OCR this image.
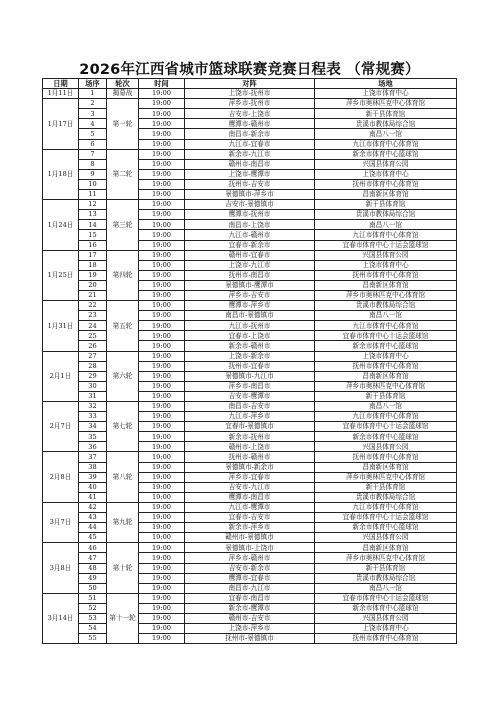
2026年江西省城市篮球联赛竞赛日程表 （常规赛）
日期	场序	轮次	时间	对阵	场地
1月11日	1	揭幕战	19:00	上饶市-抚州市	上饶市体育中心
1月17日	2	第一轮	19:00	萍乡市-抚州市	萍乡市奥林匹克中心体育馆
	3		19:00	吉安市-上饶市	新干县体育馆
	4		19:00	鹰潭市-赣州市	贵溪市教体局综合馆
	5		19:00	南昌市-新余市	南昌八一馆
	6		19:00	九江市-宜春市	九江市体育中心体育馆
1月18日	7	第二轮	19:00	新余市-九江市	新余市体育中心篮球馆
	8		19:00	赣州市-南昌市	兴国县体育公园
	9		19:00	上饶市-鹰潭市	上饶市体育中心
	10		19:00	抚州市-吉安市	抚州市体育中心体育馆
	11		19:00	景德镇市-萍乡市	昌南新区体育馆
1月24日	12	第三轮	19:00	吉安市-景德镇市	新干县体育馆
	13		19:00	鹰潭市-抚州市	贵溪市教体局综合馆
	14		19:00	南昌市-上饶市	南昌八一馆
	15		19:00	九江市-赣州市	九江市体育中心体育馆
	16		19:00	宜春市-新余市	宜春市体育中心十运会篮球馆
1月25日	17	第四轮	19:00	赣州市-宜春市	兴国县体育公园
	18		19:00	上饶市-九江市	上饶市体育中心
	19		19:00	抚州市-南昌市	抚州市体育中心体育馆
	20		19:00	景德镇市-鹰潭市	昌南新区体育馆
	21		19:00	萍乡市-吉安市	萍乡市奥林匹克中心体育馆
1月31日	22	第五轮	19:00	鹰潭市-萍乡市	贵溪市教体局综合馆
	23		19:00	南昌市-景德镇市	南昌八一馆
	24		19:00	九江市-抚州市	九江市体育中心体育馆
	25		19:00	宜春市-上饶市	宜春市体育中心十运会篮球馆
	26		19:00	新余市-赣州市	新余市体育中心篮球馆
2月1日	27	第六轮	19:00	上饶市-新余市	上饶市体育中心
	28		19:00	抚州市-宜春市	抚州市体育中心体育馆
	29		19:00	景德镇市-九江市	昌南新区体育馆
	30		19:00	萍乡市-南昌市	萍乡市奥林匹克中心体育馆
	31		19:00	吉安市-鹰潭市	新干县体育馆
2月7日	32	第七轮	19:00	南昌市-吉安市	南昌八一馆
	33		19:00	九江市-萍乡市	九江市体育中心体育馆
	34		19:00	宜春市-景德镇市	宜春市体育中心十运会篮球馆
	35		19:00	新余市-抚州市	新余市体育中心篮球馆
	36		19:00	赣州市-上饶市	兴国县体育公园
2月8日	37	第八轮	19:00	抚州市-赣州市	抚州市体育中心体育馆
	38		19:00	景德镇市-新余市	昌南新区体育馆
	39		19:00	萍乡市-宜春市	萍乡市奥林匹克中心体育馆
	40		19:00	吉安市-九江市	新干县体育馆
	41		19:00	鹰潭市-南昌市	贵溪市教体局综合馆
3月7日	42	第九轮	19:00	九江市-鹰潭市	九江市体育中心体育馆
	43		19:00	宜春市-吉安市	宜春市体育中心十运会篮球馆
	44		19:00	新余市-萍乡市	新余市体育中心篮球馆
	45		19:00	赣州市-景德镇市	兴国县体育公园
3月8日	46	第十轮	19:00	景德镇市-上饶市	昌南新区体育馆
	47		19:00	萍乡市-赣州市	萍乡市奥林匹克中心体育馆
	48		19:00	吉安市-新余市	新干县体育馆
	49		19:00	鹰潭市-宜春市	贵溪市教体局综合馆
	50		19:00	南昌市-九江市	南昌八一馆
3月14日	51	第十一轮	19:00	宜春市-南昌市	宜春市体育中心十运会篮球馆
	52		19:00	新余市-鹰潭市	新余市体育中心篮球馆
	53		19:00	赣州市-吉安市	兴国县体育公园
	54		19:00	上饶市-萍乡市	上饶市体育中心
	55		19:00	抚州市-景德镇市	抚州市体育中心体育馆
